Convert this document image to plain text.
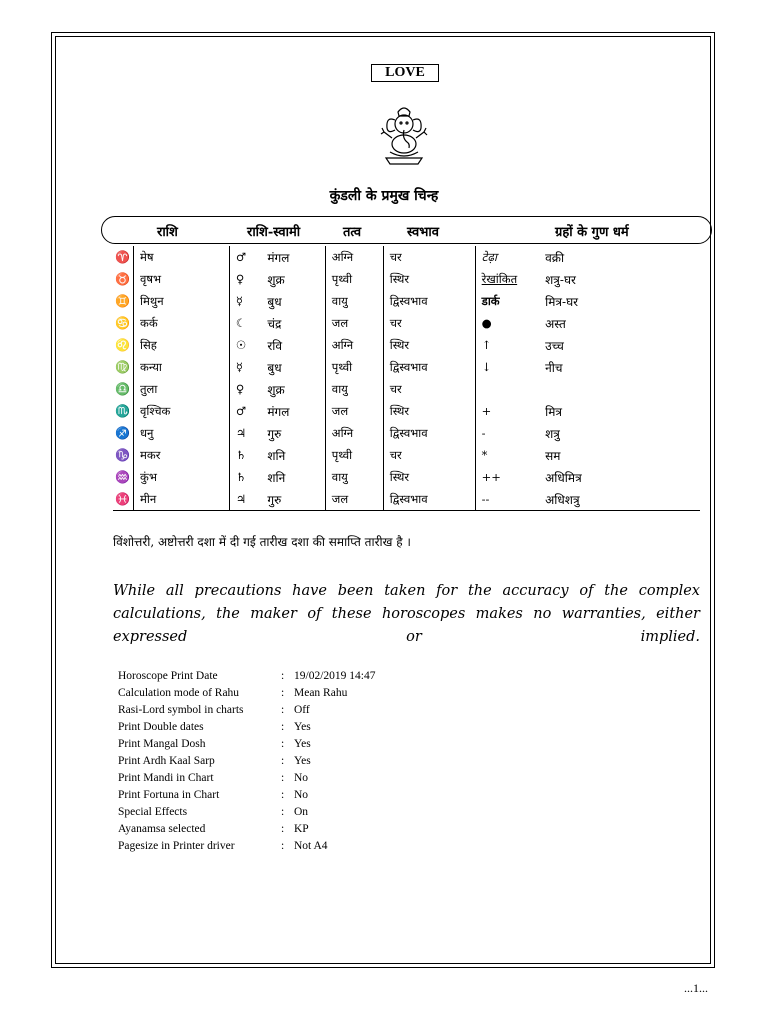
LOVE
कुंडली के प्रमुख चिन्ह
राशि	राशि-स्वामी	तत्व	स्वभाव	ग्रहों के गुण धर्म
♈	मेष	♂	मंगल	अग्नि	चर	टेढ़ा	वक्री
♉	वृषभ	♀	शुक्र	पृथ्वी	स्थिर	रेखांकित	शत्रु-घर
♊	मिथुन	☿	बुध	वायु	द्विस्वभाव	डार्क	मित्र-घर
♋	कर्क	☾	चंद्र	जल	चर	●	अस्त
♌	सिह	☉	रवि	अग्नि	स्थिर	↑	उच्च
♍	कन्या	☿	बुध	पृथ्वी	द्विस्वभाव	↓	नीच
♎	तुला	♀	शुक्र	वायु	चर		
♏	वृश्चिक	♂	मंगल	जल	स्थिर	+	मित्र
♐	धनु	♃	गुरु	अग्नि	द्विस्वभाव	-	शत्रु
♑	मकर	♄	शनि	पृथ्वी	चर	*	सम
♒	कुंभ	♄	शनि	वायु	स्थिर	++	अधिमित्र
♓	मीन	♃	गुरु	जल	द्विस्वभाव	--	अधिशत्रु
विंशोत्तरी, अष्टोत्तरी दशा में दी गई तारीख दशा की समाप्ति तारीख है ।
While all precautions have been taken for the accuracy of the complex calculations, the maker of these horoscopes makes no warranties, either expressed or implied.
Horoscope Print Date	: 19/02/2019 14:47
Calculation mode of Rahu	: Mean Rahu
Rasi-Lord symbol in charts	: Off
Print Double dates	: Yes
Print Mangal Dosh	: Yes
Print Ardh Kaal Sarp	: Yes
Print Mandi in Chart	: No
Print Fortuna in Chart	: No
Special Effects	: On
Ayanamsa selected	: KP
Pagesize in Printer driver	: Not A4
...1...
